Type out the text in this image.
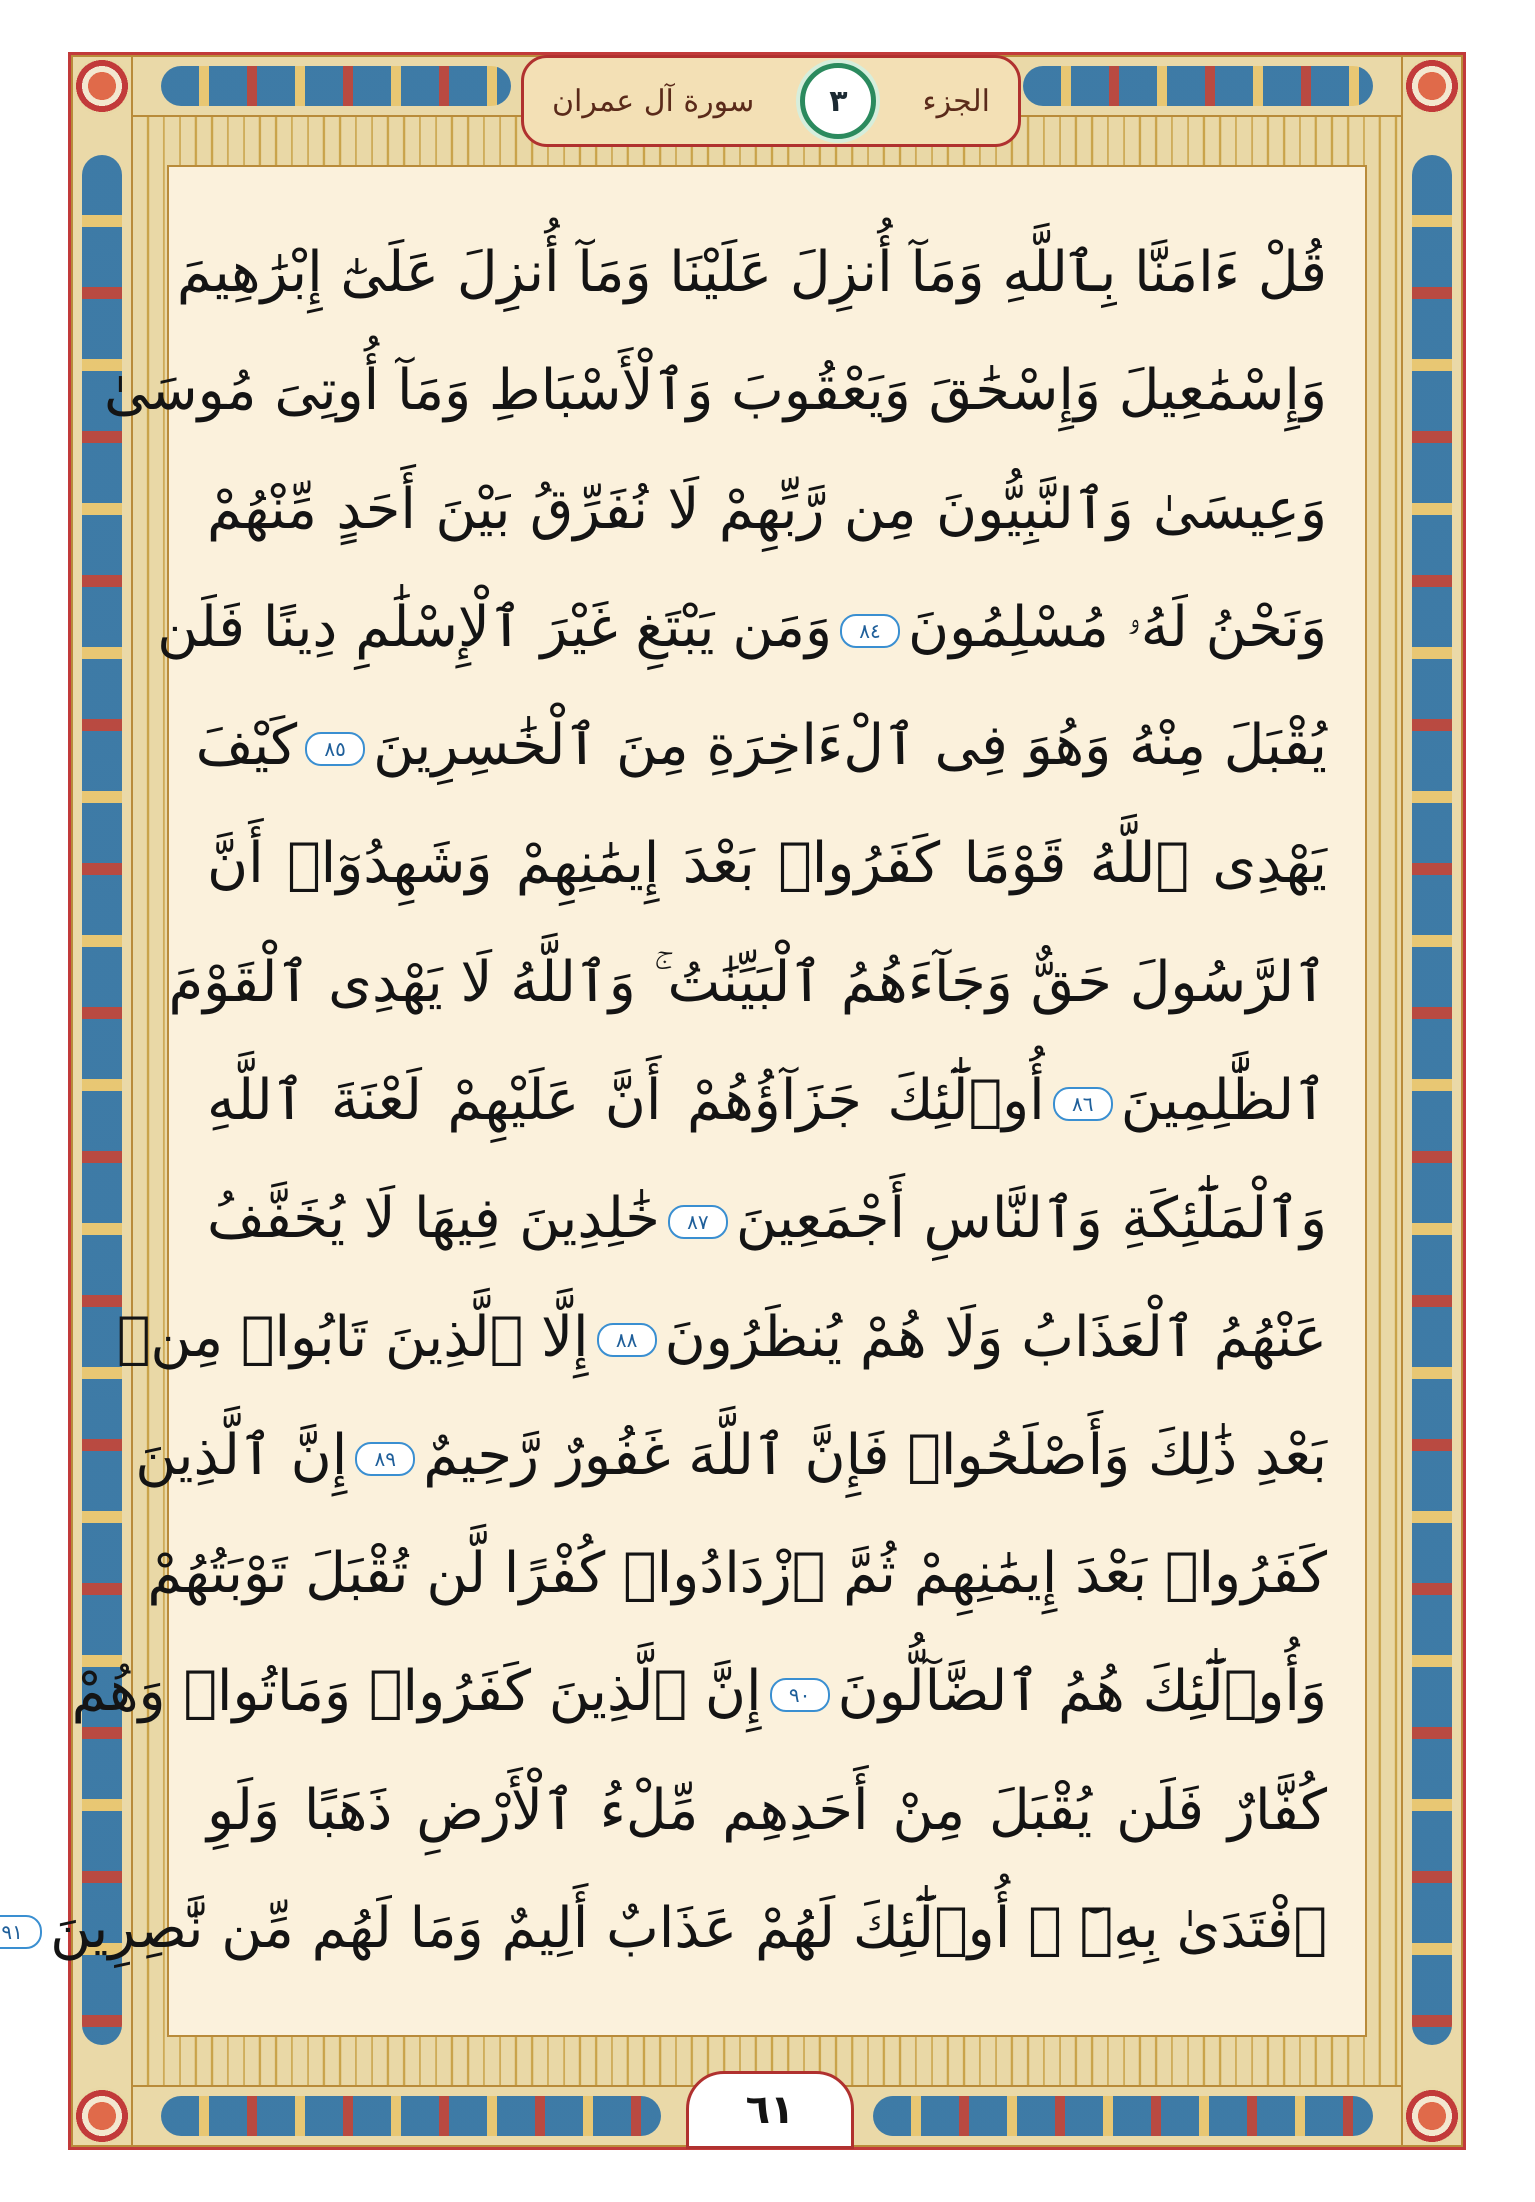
الجزء
٣
سورة آل عمران
قُلْ ءَامَنَّا بِٱللَّهِ وَمَآ أُنزِلَ عَلَيْنَا وَمَآ أُنزِلَ عَلَىٰٓ إِبْرَٰهِيمَ
وَإِسْمَٰعِيلَ وَإِسْحَٰقَ وَيَعْقُوبَ وَٱلْأَسْبَاطِ وَمَآ أُوتِىَ مُوسَىٰ
وَعِيسَىٰ وَٱلنَّبِيُّونَ مِن رَّبِّهِمْ لَا نُفَرِّقُ بَيْنَ أَحَدٍ مِّنْهُمْ
وَنَحْنُ لَهُۥ مُسْلِمُونَ٨٤وَمَن يَبْتَغِ غَيْرَ ٱلْإِسْلَٰمِ دِينًا فَلَن
يُقْبَلَ مِنْهُ وَهُوَ فِى ٱلْءَاخِرَةِ مِنَ ٱلْخَٰسِرِينَ٨٥كَيْفَ
يَهْدِى ٱللَّهُ قَوْمًا كَفَرُوا۟ بَعْدَ إِيمَٰنِهِمْ وَشَهِدُوٓا۟ أَنَّ
ٱلرَّسُولَ حَقٌّ وَجَآءَهُمُ ٱلْبَيِّنَٰتُ ۚ وَٱللَّهُ لَا يَهْدِى ٱلْقَوْمَ
ٱلظَّٰلِمِينَ٨٦أُو۟لَٰٓئِكَ جَزَآؤُهُمْ أَنَّ عَلَيْهِمْ لَعْنَةَ ٱللَّهِ
وَٱلْمَلَٰٓئِكَةِ وَٱلنَّاسِ أَجْمَعِينَ٨٧خَٰلِدِينَ فِيهَا لَا يُخَفَّفُ
عَنْهُمُ ٱلْعَذَابُ وَلَا هُمْ يُنظَرُونَ٨٨إِلَّا ٱلَّذِينَ تَابُوا۟ مِنۢ
بَعْدِ ذَٰلِكَ وَأَصْلَحُوا۟ فَإِنَّ ٱللَّهَ غَفُورٌ رَّحِيمٌ٨٩إِنَّ ٱلَّذِينَ
كَفَرُوا۟ بَعْدَ إِيمَٰنِهِمْ ثُمَّ ٱزْدَادُوا۟ كُفْرًا لَّن تُقْبَلَ تَوْبَتُهُمْ
وَأُو۟لَٰٓئِكَ هُمُ ٱلضَّآلُّونَ٩٠إِنَّ ٱلَّذِينَ كَفَرُوا۟ وَمَاتُوا۟ وَهُمْ
كُفَّارٌ فَلَن يُقْبَلَ مِنْ أَحَدِهِم مِّلْءُ ٱلْأَرْضِ ذَهَبًا وَلَوِ
ٱفْتَدَىٰ بِهِۦٓ ۗ أُو۟لَٰٓئِكَ لَهُمْ عَذَابٌ أَلِيمٌ وَمَا لَهُم مِّن نَّٰصِرِينَ٩١
٦١
